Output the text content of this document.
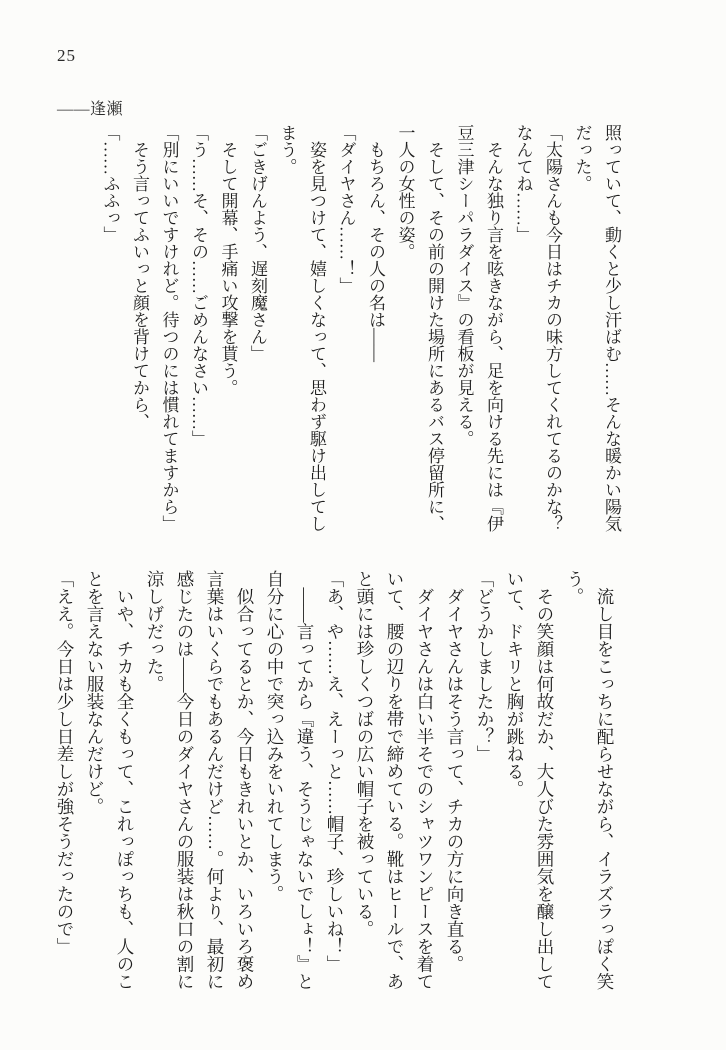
25
——逢瀬
照っていて、動くと少し汗ばむ……そんな暖かい陽気
だった。
「太陽さんも今日はチカの味方してくれてるのかな？
なんてね……」
　そんな独り言を呟きながら、足を向ける先には『伊
豆三津シーパラダイス』の看板が見える。
　そして、その前の開けた場所にあるバス停留所に、
一人の女性の姿。
　もちろん、その人の名は——
「ダイヤさん……！」
　姿を見つけて、嬉しくなって、思わず駆け出してし
まう。
「ごきげんよう、遅刻魔さん」
　そして開幕、手痛い攻撃を貰う。
「う……そ、その……ごめんなさい……」
「別にいいですけれど。待つのには慣れてますから」
　そう言ってふいっと顔を背けてから、
「……ふふっ」
　流し目をこっちに配らせながら、イラズラっぽく笑
う。
　その笑顔は何故だか、大人びた雰囲気を醸し出して
いて、ドキリと胸が跳ねる。
「どうかしましたか？」
　ダイヤさんはそう言って、チカの方に向き直る。
　ダイヤさんは白い半そでのシャツワンピースを着て
いて、腰の辺りを帯で締めている。靴はヒールで、あ
と頭には珍しくつばの広い帽子を被っている。
「あ、や……え、えーっと……帽子、珍しいね！」
　——言ってから『違う、そうじゃないでしょ！』と
自分に心の中で突っ込みをいれてしまう。
　似合ってるとか、今日もきれいとか、いろいろ褒め
言葉はいくらでもあるんだけど……。何より、最初に
感じたのは——今日のダイヤさんの服装は秋口の割に
涼しげだった。
　いや、チカも全くもって、これっぽっちも、人のこ
とを言えない服装なんだけど。
「ええ。今日は少し日差しが強そうだったので」
